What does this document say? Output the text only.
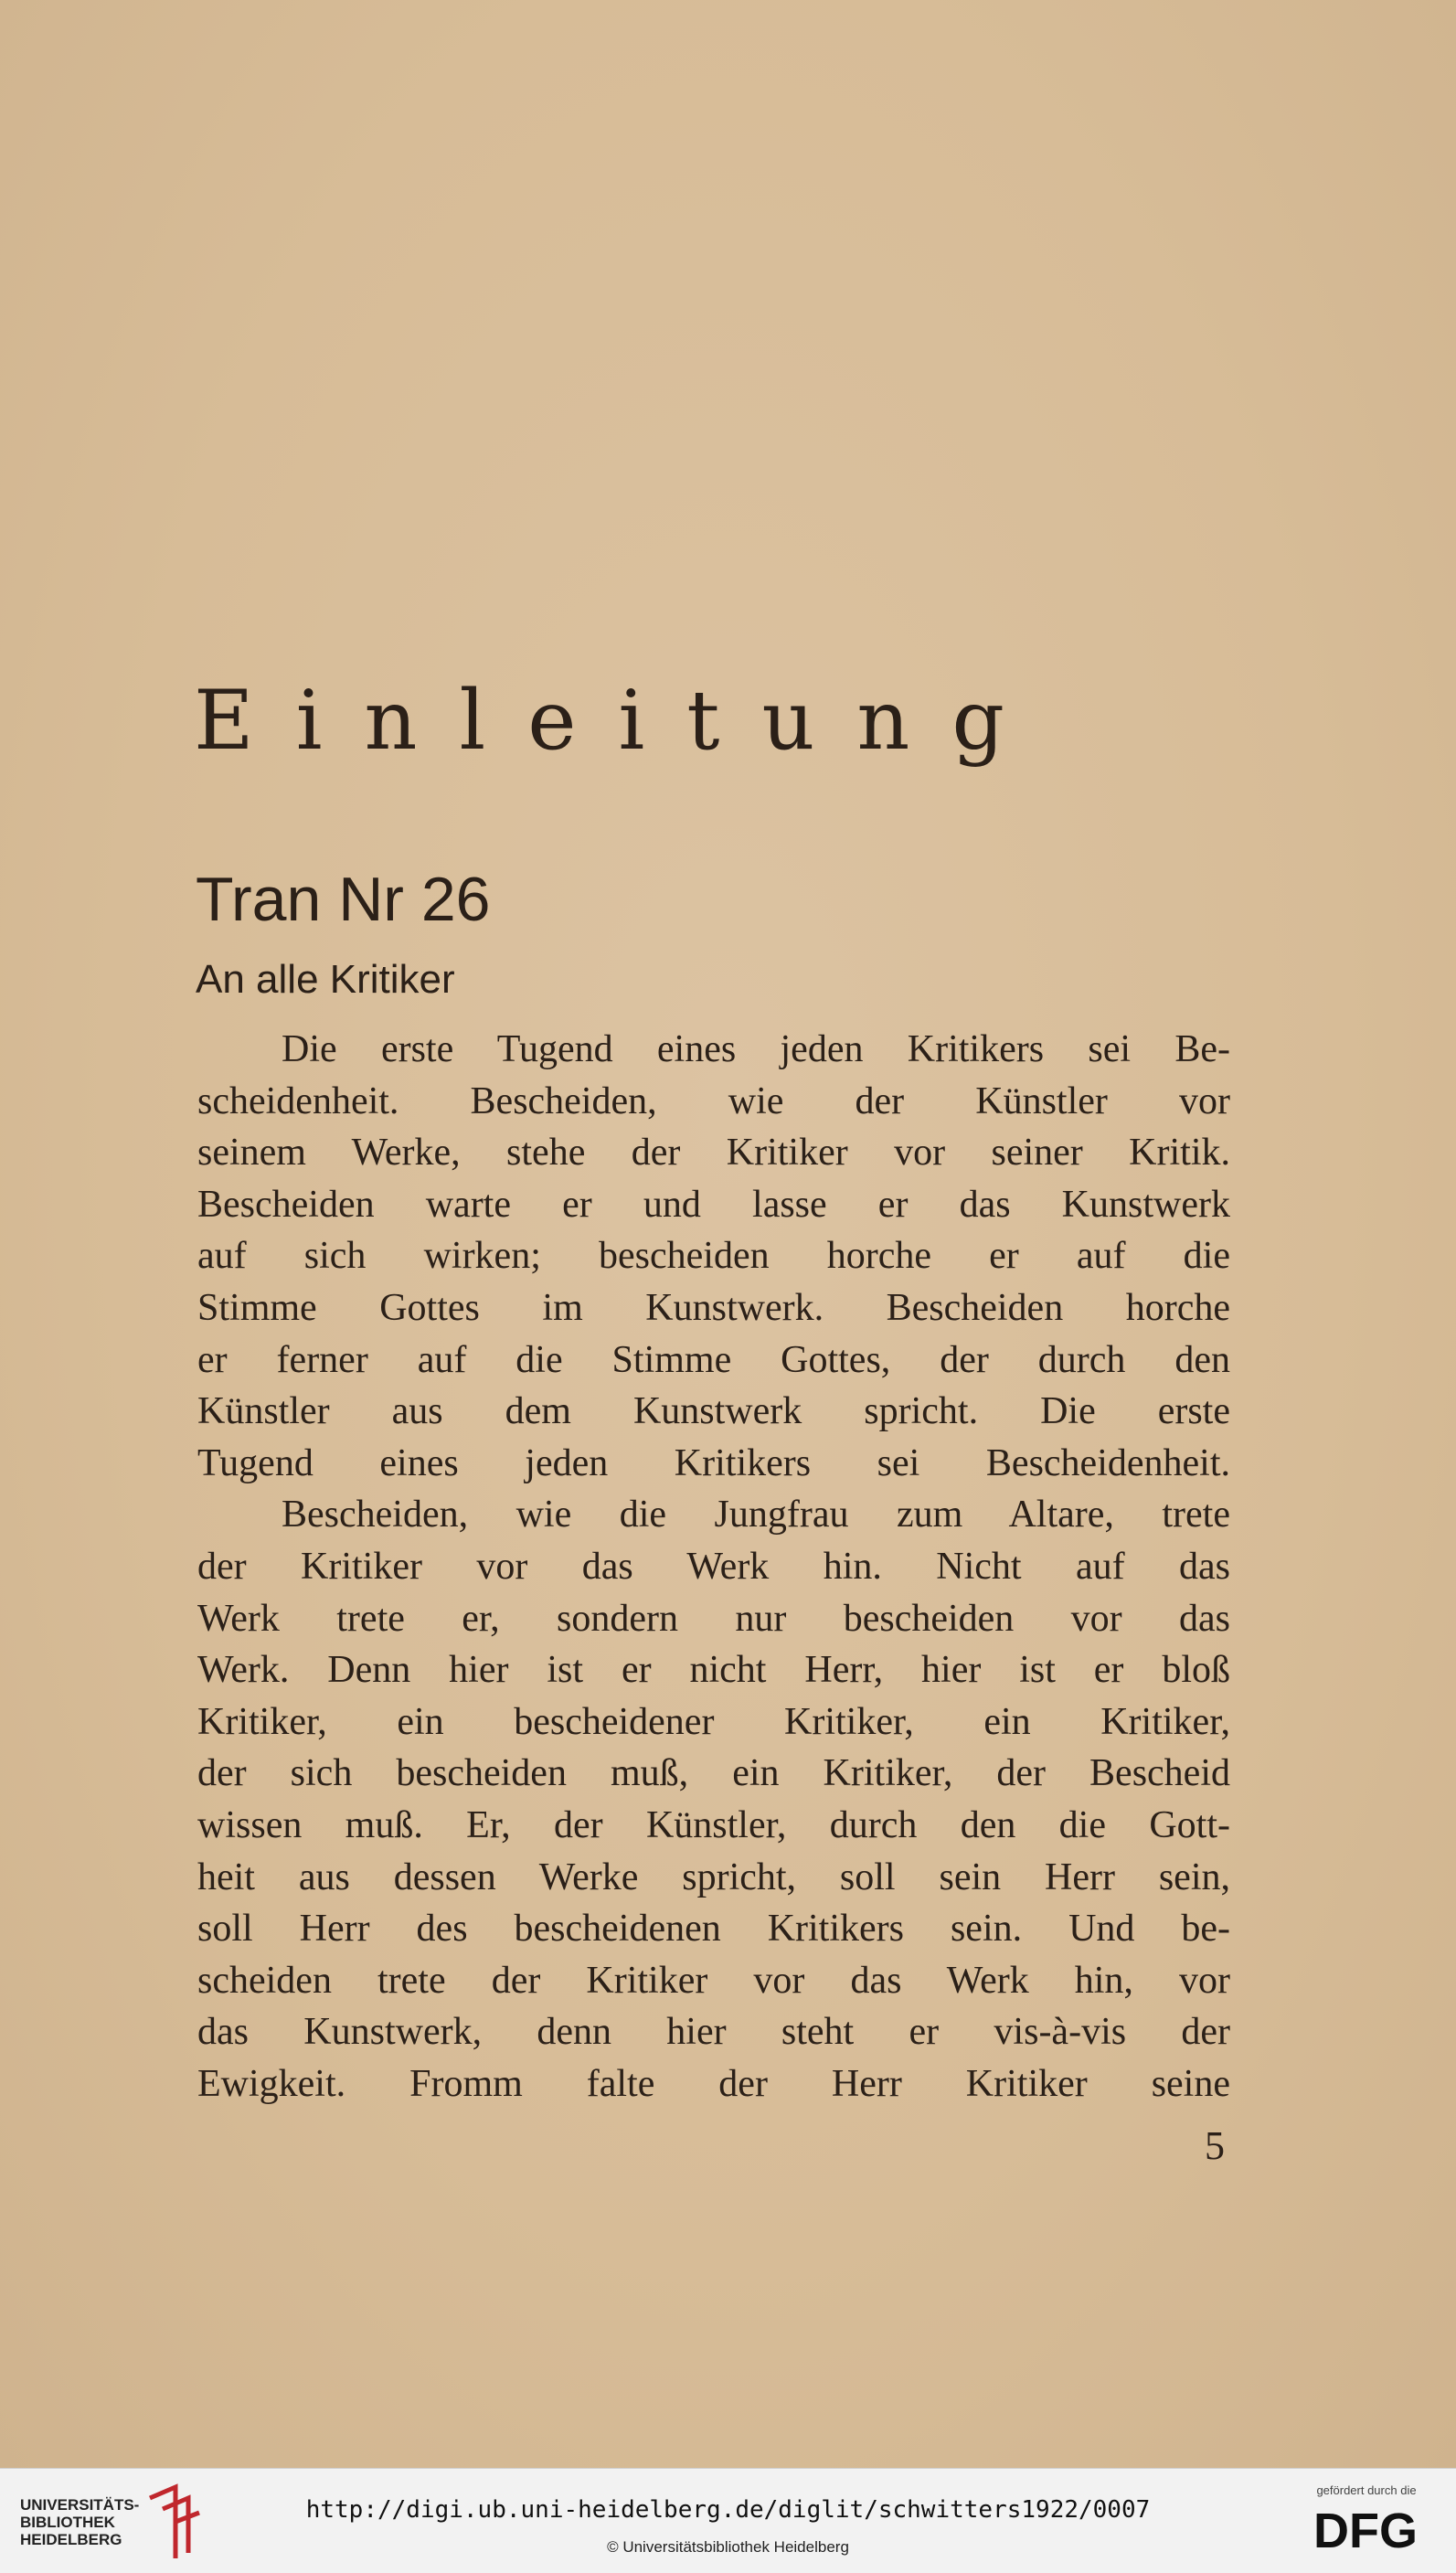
Einleitung
Tran Nr 26
An alle Kritiker
Die erste Tugend eines jeden Kritikers sei Be-
scheidenheit. Bescheiden, wie der Künstler vor
seinem Werke, stehe der Kritiker vor seiner Kritik.
Bescheiden warte er und lasse er das Kunstwerk
auf sich wirken; bescheiden horche er auf die
Stimme Gottes im Kunstwerk. Bescheiden horche
er ferner auf die Stimme Gottes, der durch den
Künstler aus dem Kunstwerk spricht. Die erste
Tugend eines jeden Kritikers sei Bescheidenheit.
Bescheiden, wie die Jungfrau zum Altare, trete
der Kritiker vor das Werk hin. Nicht auf das
Werk trete er, sondern nur bescheiden vor das
Werk. Denn hier ist er nicht Herr, hier ist er bloß
Kritiker, ein bescheidener Kritiker, ein Kritiker,
der sich bescheiden muß, ein Kritiker, der Bescheid
wissen muß. Er, der Künstler, durch den die Gott-
heit aus dessen Werke spricht, soll sein Herr sein,
soll Herr des bescheidenen Kritikers sein. Und be-
scheiden trete der Kritiker vor das Werk hin, vor
das Kunstwerk, denn hier steht er vis-à-vis der
Ewigkeit. Fromm falte der Herr Kritiker seine
5
UNIVERSITÄTS-
BIBLIOTHEK
HEIDELBERG
http://digi.ub.uni-heidelberg.de/diglit/schwitters1922/0007
© Universitätsbibliothek Heidelberg
gefördert durch die
DFG
